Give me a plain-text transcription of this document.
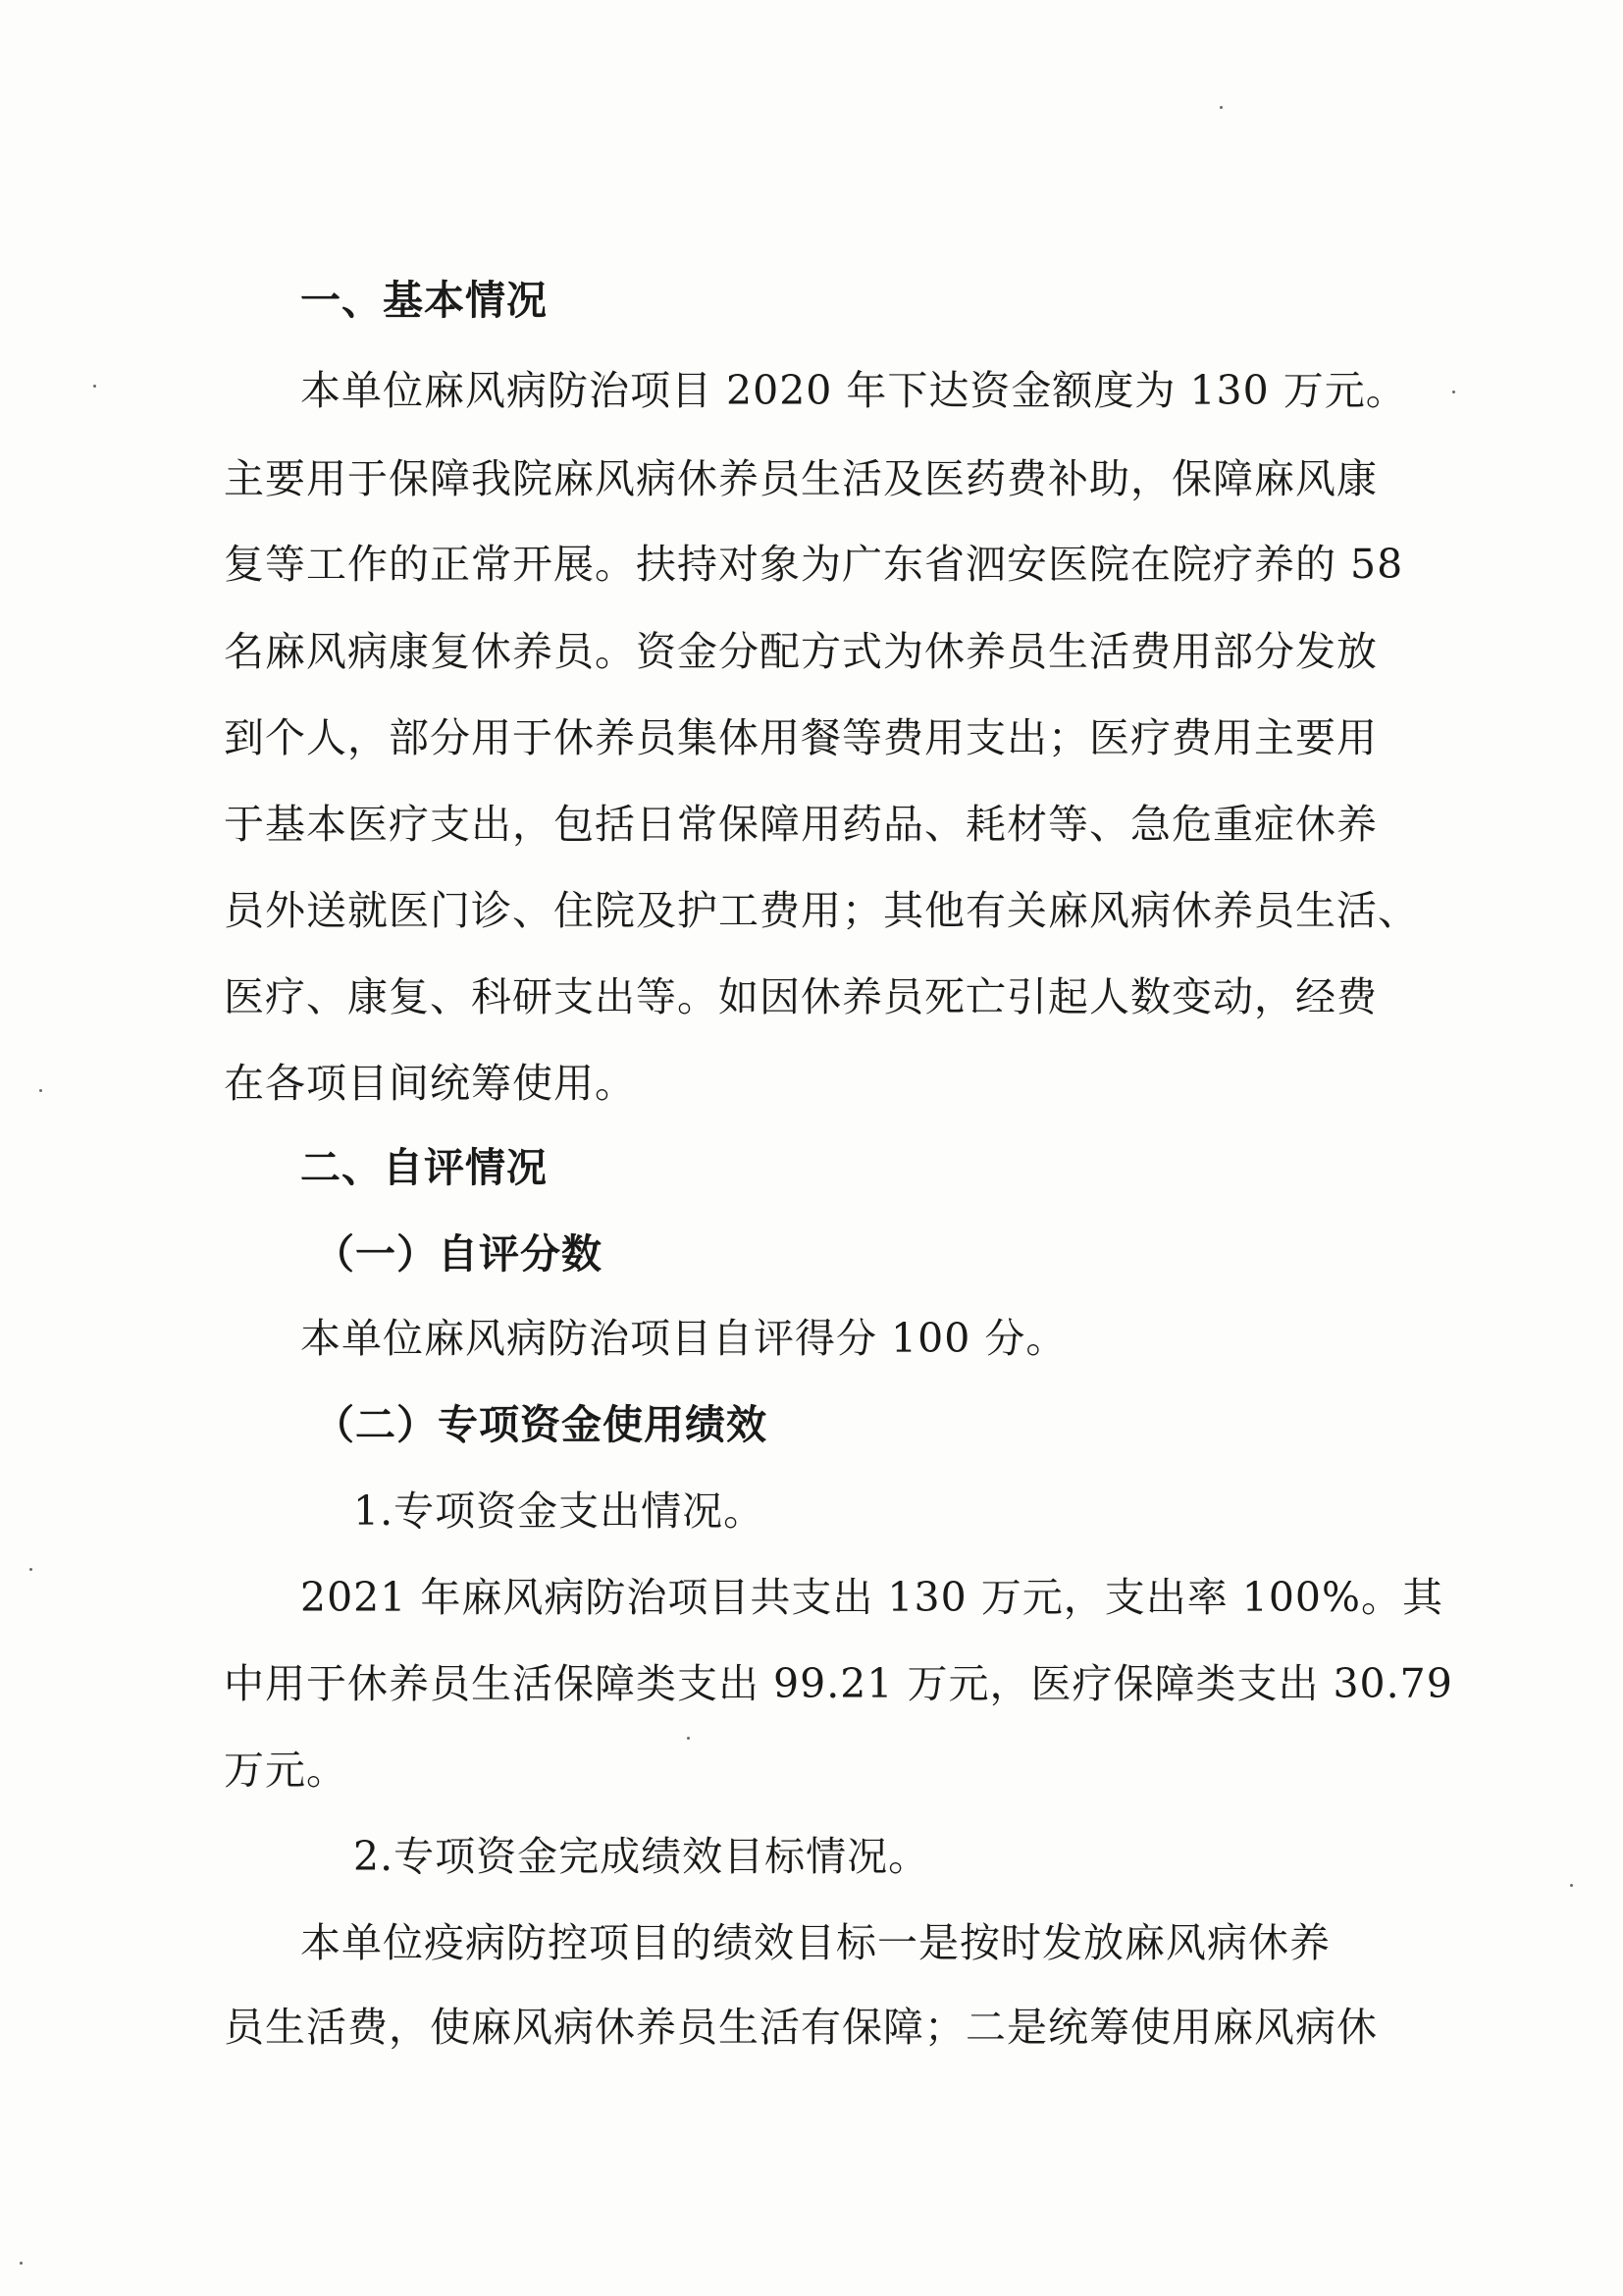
一、基本情况
本单位麻风病防治项目 2020 年下达资金额度为 130 万元。
主要用于保障我院麻风病休养员生活及医药费补助，保障麻风康
复等工作的正常开展。扶持对象为广东省泗安医院在院疗养的 58
名麻风病康复休养员。资金分配方式为休养员生活费用部分发放
到个人，部分用于休养员集体用餐等费用支出；医疗费用主要用
于基本医疗支出，包括日常保障用药品、耗材等、急危重症休养
员外送就医门诊、住院及护工费用；其他有关麻风病休养员生活、
医疗、康复、科研支出等。如因休养员死亡引起人数变动，经费
在各项目间统筹使用。
二、自评情况
（一）自评分数
本单位麻风病防治项目自评得分 100 分。
（二）专项资金使用绩效
1.专项资金支出情况。
2021 年麻风病防治项目共支出 130 万元，支出率 100%。其
中用于休养员生活保障类支出 99.21 万元，医疗保障类支出 30.79
万元。
2.专项资金完成绩效目标情况。
本单位疫病防控项目的绩效目标一是按时发放麻风病休养
员生活费，使麻风病休养员生活有保障；二是统筹使用麻风病休
